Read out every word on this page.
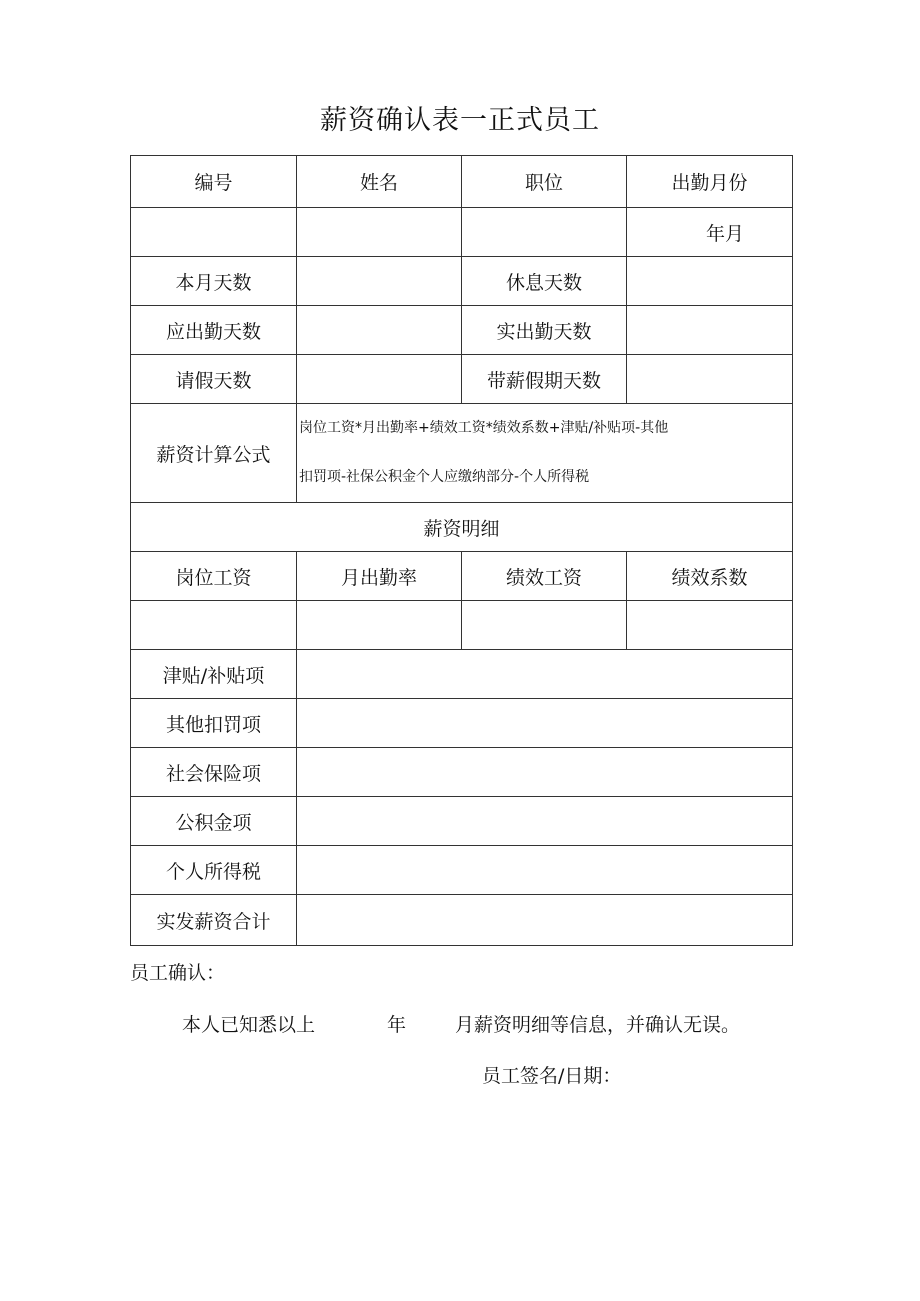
薪资确认表一正式员工
编号	姓名	职位	出勤月份
			年月
本月天数		休息天数	
应出勤天数		实出勤天数	
请假天数		带薪假期天数	
薪资计算公式	岗位工资*月出勤率+绩效工资*绩效系数+津贴/补贴项-其他
扣罚项-社保公积金个人应缴纳部分-个人所得税		

薪资明细			
岗位工资	月出勤率	绩效工资	绩效系数

津贴/补贴项			
其他扣罚项			
社会保险项			
公积金项			
个人所得税			
实发薪资合计			
员工确认：
本人已知悉以上	年	月薪资明细等信息，并确认无误。
员工签名/日期：
